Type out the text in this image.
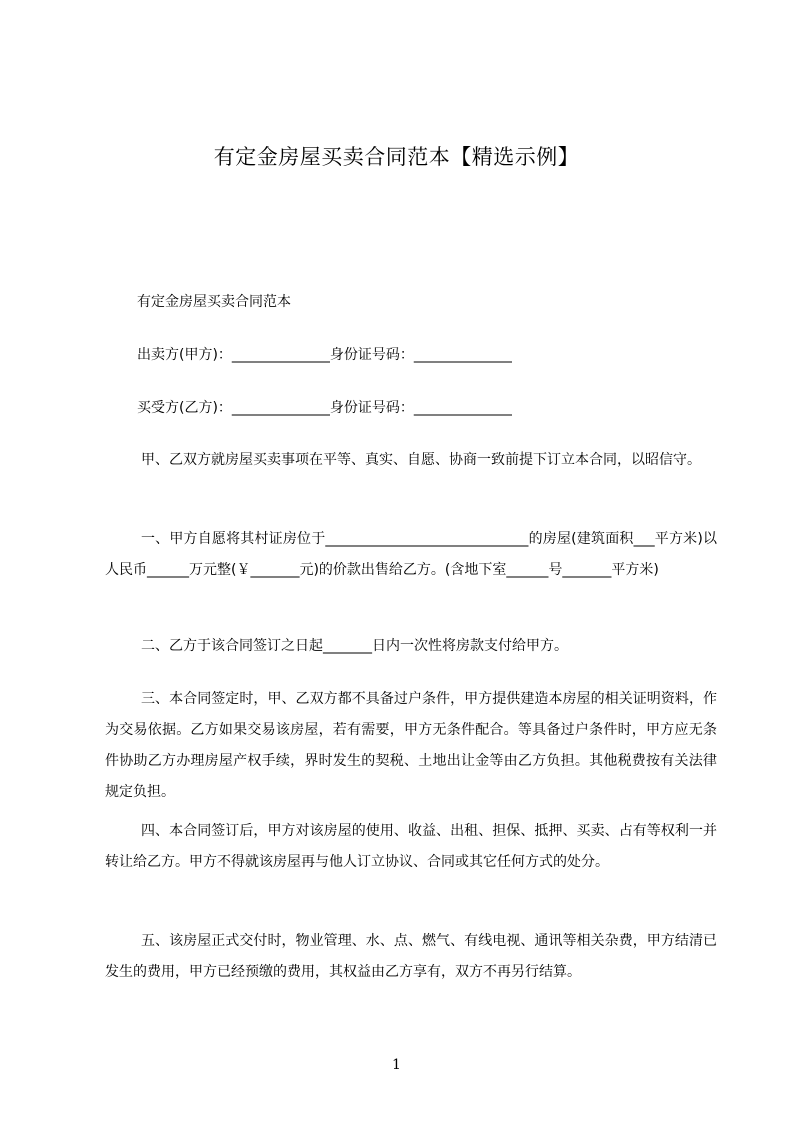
有定金房屋买卖合同范本【精选示例】
有定金房屋买卖合同范本
出卖方(甲方)：______________身份证号码：______________
买受方(乙方)：______________身份证号码：______________
甲、乙双方就房屋买卖事项在平等、真实、自愿、协商一致前提下订立本合同，以昭信守。
一、甲方自愿将其村证房位于_____________________________的房屋(建筑面积___平方米)以人民币______万元整(￥_______元)的价款出售给乙方。(含地下室______号_______平方米)
二、乙方于该合同签订之日起_______日内一次性将房款支付给甲方。
三、本合同签定时，甲、乙双方都不具备过户条件，甲方提供建造本房屋的相关证明资料，作为交易依据。乙方如果交易该房屋，若有需要，甲方无条件配合。等具备过户条件时，甲方应无条件协助乙方办理房屋产权手续，界时发生的契税、土地出让金等由乙方负担。其他税费按有关法律规定负担。
四、本合同签订后，甲方对该房屋的使用、收益、出租、担保、抵押、买卖、占有等权利一并转让给乙方。甲方不得就该房屋再与他人订立协议、合同或其它任何方式的处分。
五、该房屋正式交付时，物业管理、水、点、燃气、有线电视、通讯等相关杂费，甲方结清已发生的费用，甲方已经预缴的费用，其权益由乙方享有，双方不再另行结算。
1
